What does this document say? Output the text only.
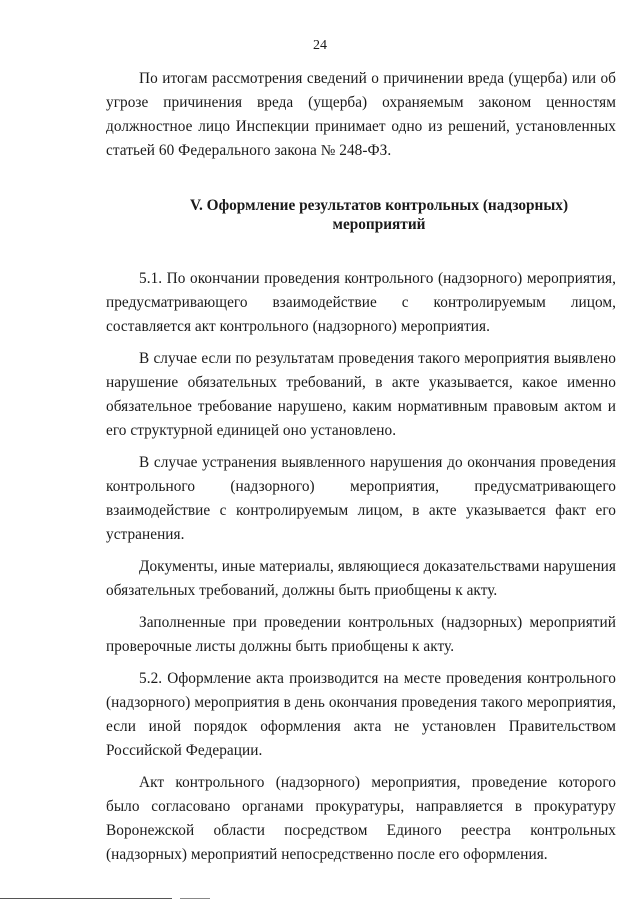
24

По итогам рассмотрения сведений о причинении вреда (ущерба) или об угрозе причинения вреда (ущерба) охраняемым законом ценностям должностное лицо Инспекции принимает одно из решений, установленных статьей 60 Федерального закона № 248-ФЗ.

V. Оформление результатов контрольных (надзорных)
мероприятий

5.1. По окончании проведения контрольного (надзорного) мероприятия, предусматривающего взаимодействие с контролируемым лицом, составляется акт контрольного (надзорного) мероприятия.

В случае если по результатам проведения такого мероприятия выявлено нарушение обязательных требований, в акте указывается, какое именно обязательное требование нарушено, каким нормативным правовым актом и его структурной единицей оно установлено.

В случае устранения выявленного нарушения до окончания проведения контрольного (надзорного) мероприятия, предусматривающего взаимодействие с контролируемым лицом, в акте указывается факт его устранения.

Документы, иные материалы, являющиеся доказательствами нарушения обязательных требований, должны быть приобщены к акту.

Заполненные при проведении контрольных (надзорных) мероприятий проверочные листы должны быть приобщены к акту.

5.2. Оформление акта производится на месте проведения контрольного (надзорного) мероприятия в день окончания проведения такого мероприятия, если иной порядок оформления акта не установлен Правительством Российской Федерации.

Акт контрольного (надзорного) мероприятия, проведение которого было согласовано органами прокуратуры, направляется в прокуратуру Воронежской области посредством Единого реестра контрольных (надзорных) мероприятий непосредственно после его оформления.
